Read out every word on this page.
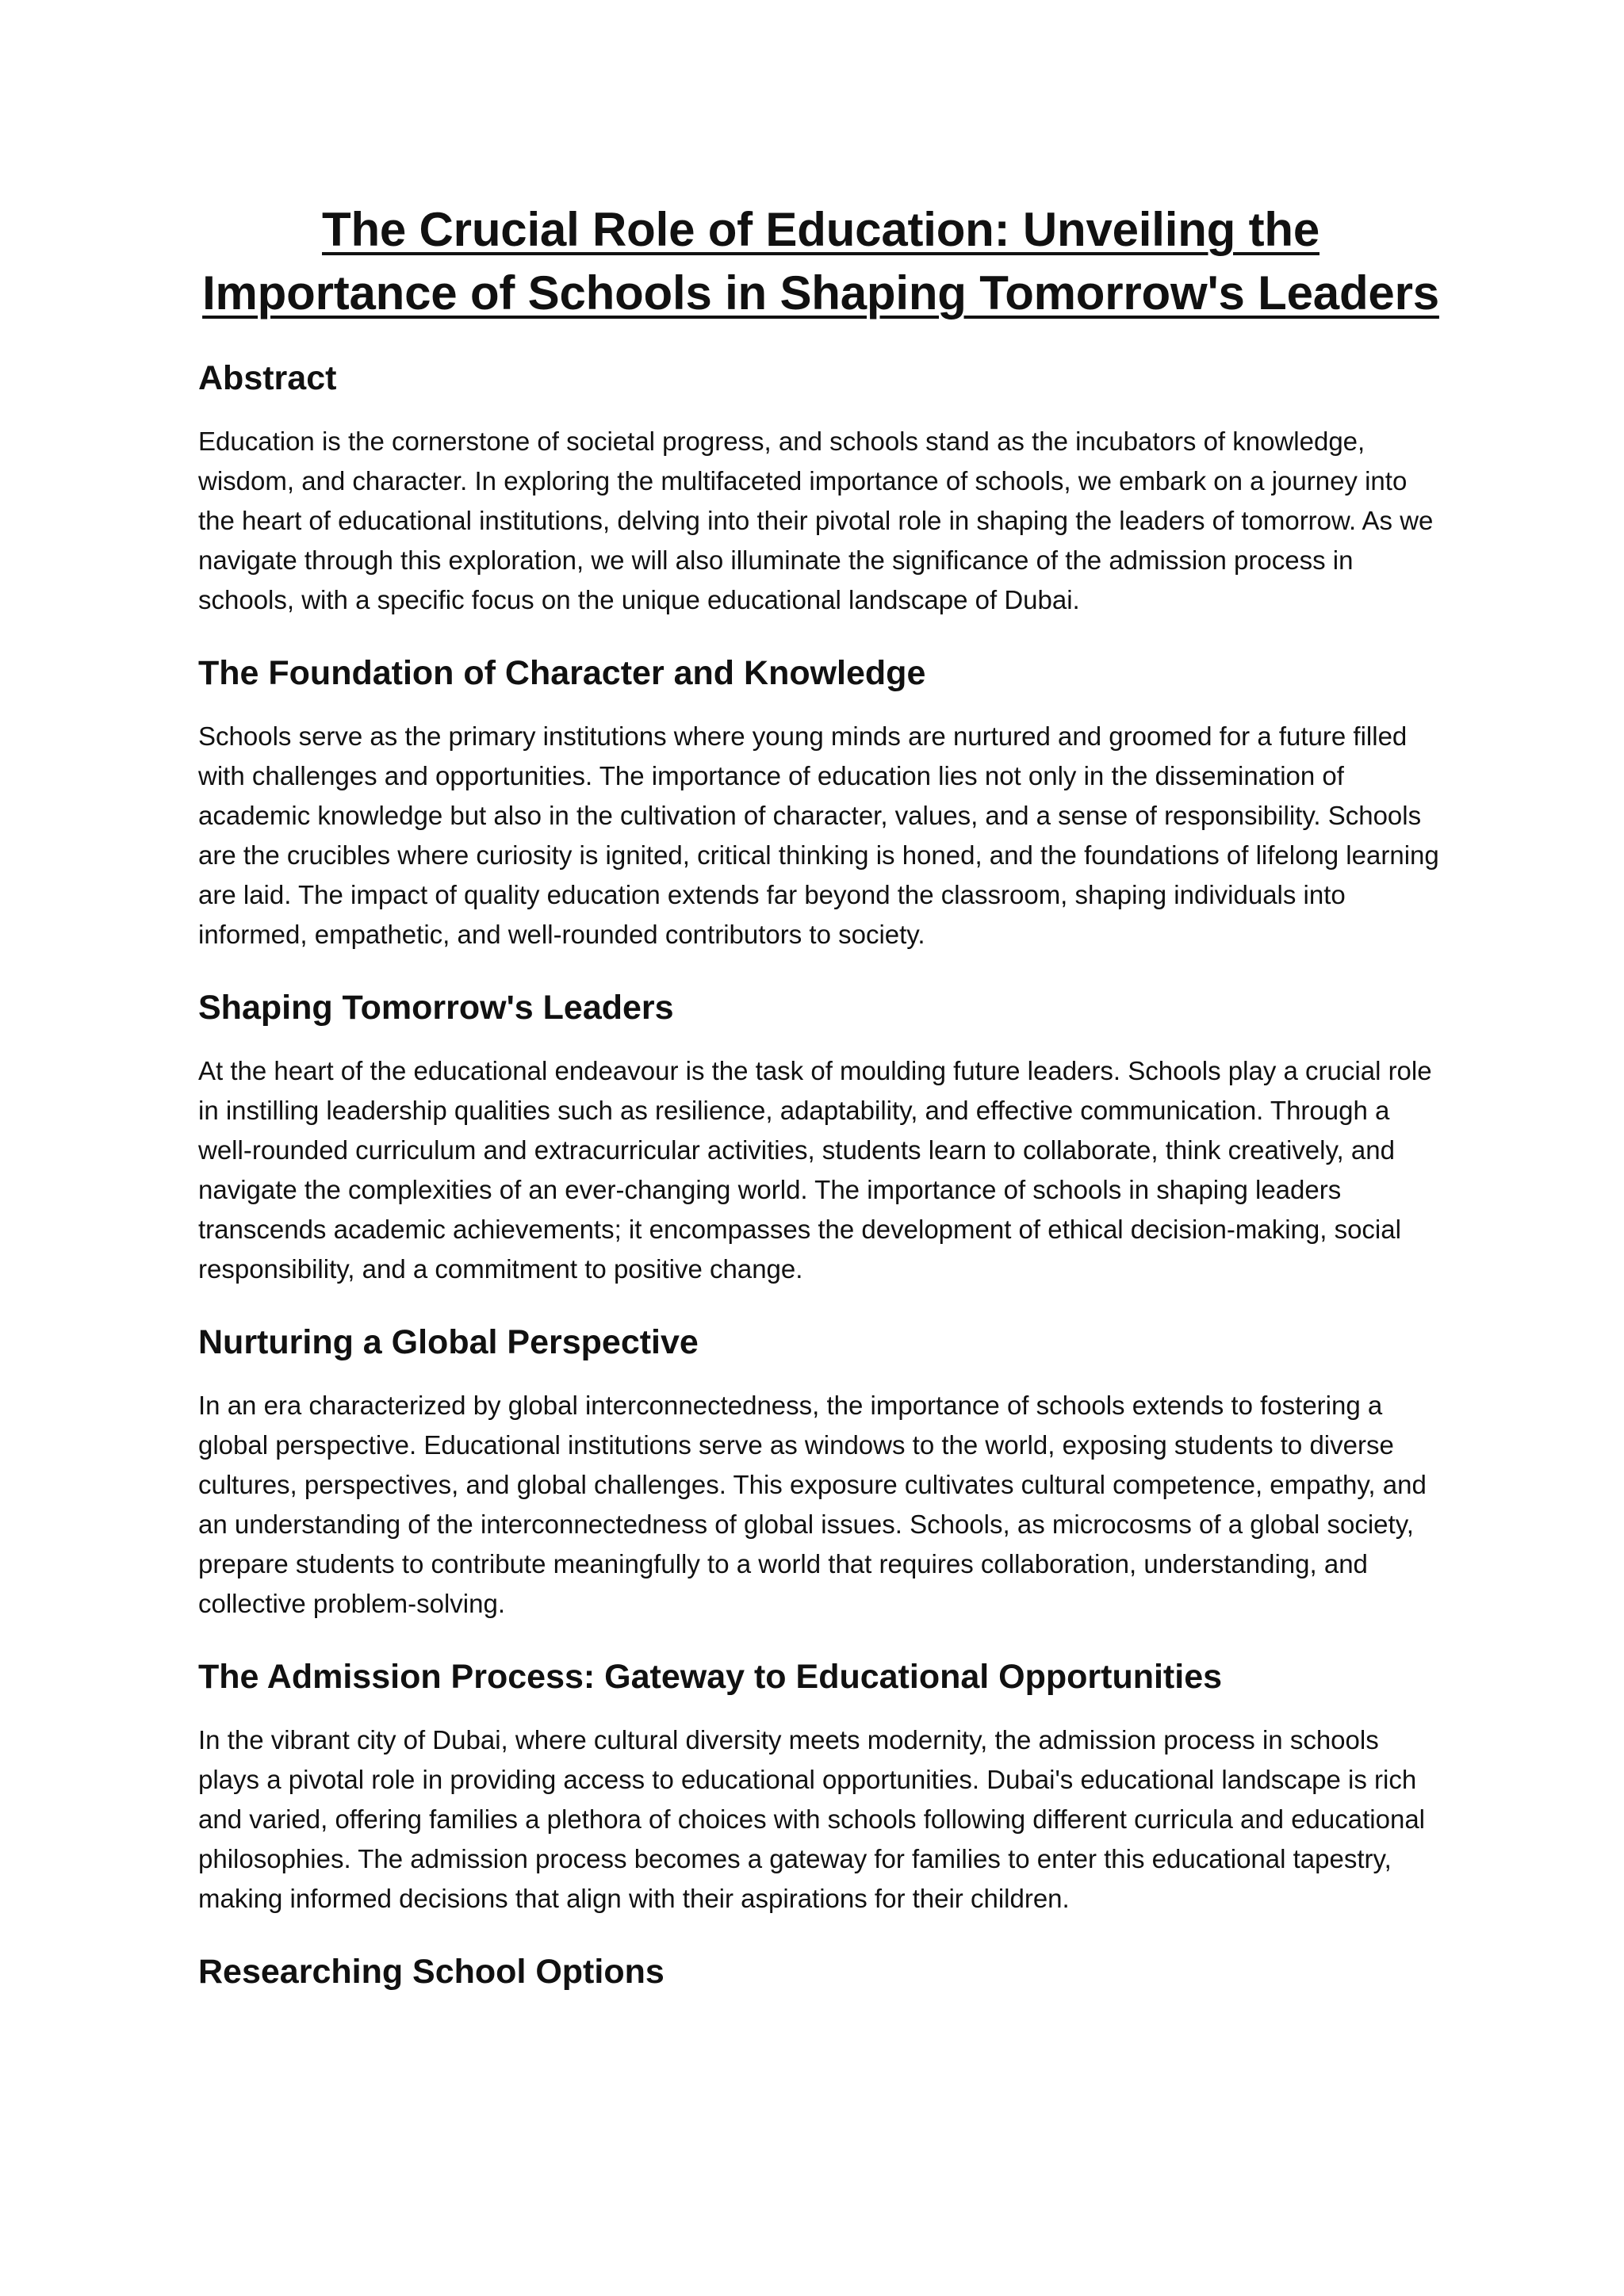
The Crucial Role of Education: Unveiling the Importance of Schools in Shaping Tomorrow's Leaders
Abstract

Education is the cornerstone of societal progress, and schools stand as the incubators of knowledge, wisdom, and character. In exploring the multifaceted importance of schools, we embark on a journey into the heart of educational institutions, delving into their pivotal role in shaping the leaders of tomorrow. As we navigate through this exploration, we will also illuminate the significance of the admission process in schools, with a specific focus on the unique educational landscape of Dubai.

The Foundation of Character and Knowledge

Schools serve as the primary institutions where young minds are nurtured and groomed for a future filled with challenges and opportunities. The importance of education lies not only in the dissemination of academic knowledge but also in the cultivation of character, values, and a sense of responsibility. Schools are the crucibles where curiosity is ignited, critical thinking is honed, and the foundations of lifelong learning are laid. The impact of quality education extends far beyond the classroom, shaping individuals into informed, empathetic, and well-rounded contributors to society.

Shaping Tomorrow's Leaders

At the heart of the educational endeavour is the task of moulding future leaders. Schools play a crucial role in instilling leadership qualities such as resilience, adaptability, and effective communication. Through a well-rounded curriculum and extracurricular activities, students learn to collaborate, think creatively, and navigate the complexities of an ever-changing world. The importance of schools in shaping leaders transcends academic achievements; it encompasses the development of ethical decision-making, social responsibility, and a commitment to positive change.

Nurturing a Global Perspective

In an era characterized by global interconnectedness, the importance of schools extends to fostering a global perspective. Educational institutions serve as windows to the world, exposing students to diverse cultures, perspectives, and global challenges. This exposure cultivates cultural competence, empathy, and an understanding of the interconnectedness of global issues. Schools, as microcosms of a global society, prepare students to contribute meaningfully to a world that requires collaboration, understanding, and collective problem-solving.

The Admission Process: Gateway to Educational Opportunities

In the vibrant city of Dubai, where cultural diversity meets modernity, the admission process in schools plays a pivotal role in providing access to educational opportunities. Dubai's educational landscape is rich and varied, offering families a plethora of choices with schools following different curricula and educational philosophies. The admission process becomes a gateway for families to enter this educational tapestry, making informed decisions that align with their aspirations for their children.

Researching School Options
